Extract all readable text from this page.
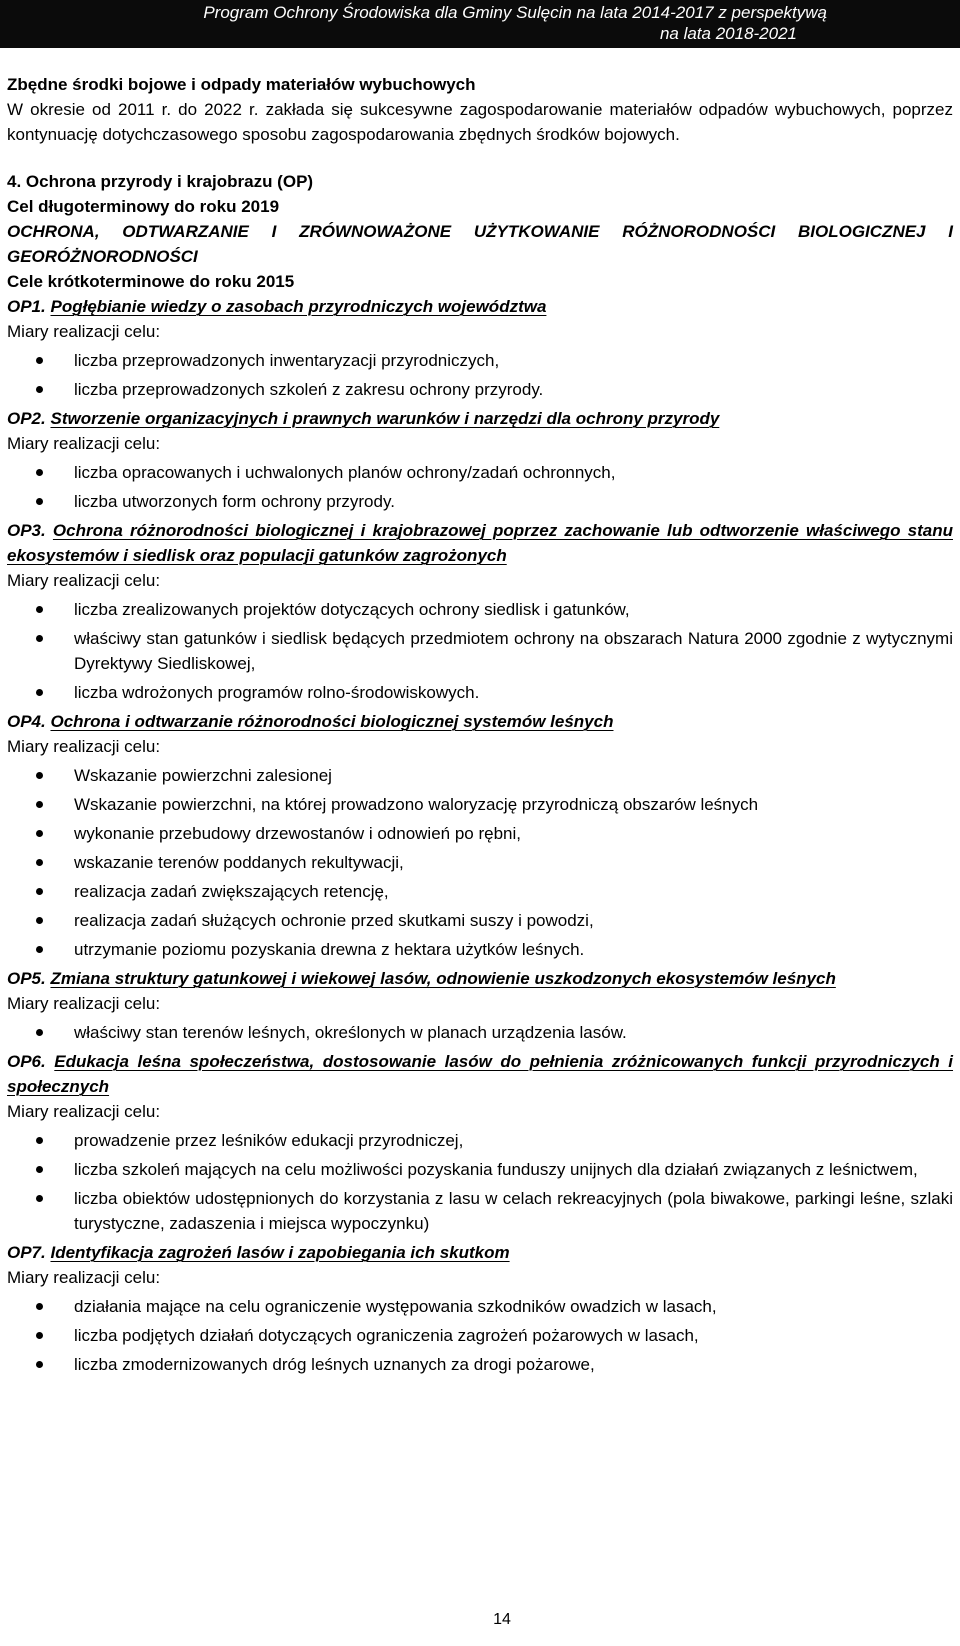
Program Ochrony Środowiska dla Gminy Sulęcin na lata 2014-2017 z perspektywą
na lata 2018-2021

Zbędne środki bojowe i odpady materiałów wybuchowych

W okresie od 2011 r. do 2022 r. zakłada się sukcesywne zagospodarowanie materiałów odpadów wybuchowych, poprzez kontynuację dotychczasowego sposobu zagospodarowania zbędnych środków bojowych.

4. Ochrona przyrody i krajobrazu (OP)

Cel długoterminowy do roku 2019

OCHRONA, ODTWARZANIE I ZRÓWNOWAŻONE UŻYTKOWANIE RÓŻNORODNOŚCI BIOLOGICZNEJ I GEORÓŻNORODNOŚCI

Cele krótkoterminowe do roku 2015

OP1. Pogłębianie wiedzy o zasobach przyrodniczych województwa

Miary realizacji celu:

liczba przeprowadzonych inwentaryzacji przyrodniczych,
liczba przeprowadzonych szkoleń z zakresu ochrony przyrody.

OP2. Stworzenie organizacyjnych i prawnych warunków i narzędzi dla ochrony przyrody

Miary realizacji celu:

liczba opracowanych i uchwalonych planów ochrony/zadań ochronnych,
liczba utworzonych form ochrony przyrody.

OP3. Ochrona różnorodności biologicznej i krajobrazowej poprzez zachowanie lub odtworzenie właściwego stanu ekosystemów i siedlisk oraz populacji gatunków zagrożonych

Miary realizacji celu:

liczba zrealizowanych projektów dotyczących ochrony siedlisk i gatunków,
właściwy stan gatunków i siedlisk będących przedmiotem ochrony na obszarach Natura 2000 zgodnie z wytycznymi Dyrektywy Siedliskowej,
liczba wdrożonych programów rolno-środowiskowych.

OP4. Ochrona i odtwarzanie różnorodności biologicznej systemów leśnych

Miary realizacji celu:

Wskazanie powierzchni zalesionej
Wskazanie powierzchni, na której prowadzono waloryzację przyrodniczą obszarów leśnych
wykonanie przebudowy drzewostanów i odnowień po rębni,
wskazanie terenów poddanych rekultywacji,
realizacja zadań zwiększających retencję,
realizacja zadań służących ochronie przed skutkami suszy i powodzi,
utrzymanie poziomu pozyskania drewna z hektara użytków leśnych.

OP5. Zmiana struktury gatunkowej i wiekowej lasów, odnowienie uszkodzonych ekosystemów leśnych

Miary realizacji celu:

właściwy stan terenów leśnych, określonych w planach urządzenia lasów.

OP6. Edukacja leśna społeczeństwa, dostosowanie lasów do pełnienia zróżnicowanych funkcji przyrodniczych i społecznych

Miary realizacji celu:

prowadzenie przez leśników edukacji przyrodniczej,
liczba szkoleń mających na celu możliwości pozyskania funduszy unijnych dla działań związanych z leśnictwem,
liczba obiektów udostępnionych do korzystania z lasu w celach rekreacyjnych (pola biwakowe, parkingi leśne, szlaki turystyczne, zadaszenia i miejsca wypoczynku)

OP7. Identyfikacja zagrożeń lasów i zapobiegania ich skutkom

Miary realizacji celu:

działania mające na celu ograniczenie występowania szkodników owadzich w lasach,
liczba podjętych działań dotyczących ograniczenia zagrożeń pożarowych w lasach,
liczba zmodernizowanych dróg leśnych uznanych za drogi pożarowe,
14
